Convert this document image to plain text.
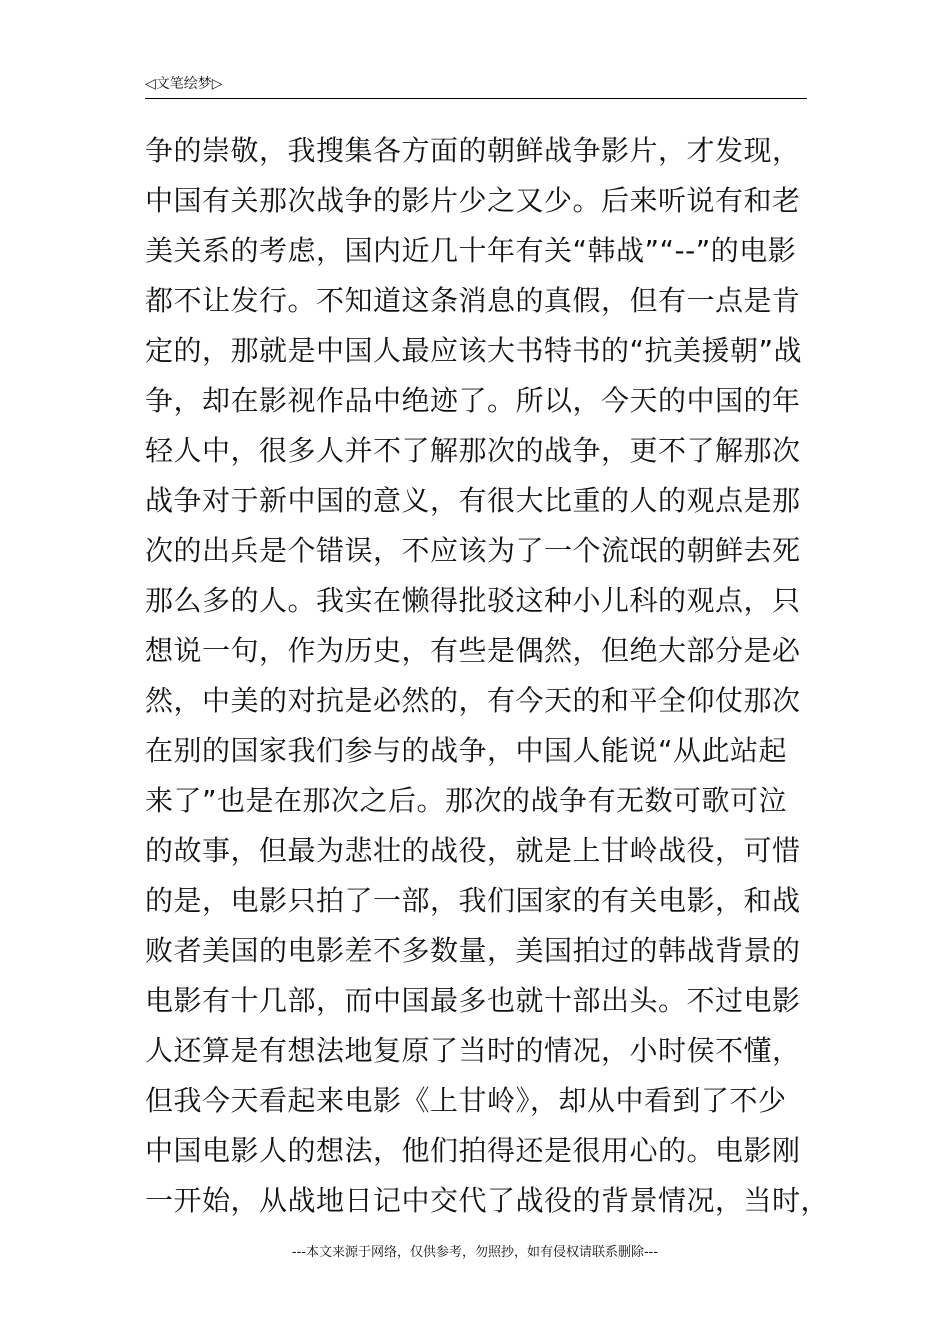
◁文笔绘梦▷
争的崇敬，我搜集各方面的朝鲜战争影片，才发现，
中国有关那次战争的影片少之又少。后来听说有和老
美关系的考虑，国内近几十年有关“韩战”“--”的电影
都不让发行。不知道这条消息的真假，但有一点是肯
定的，那就是中国人最应该大书特书的“抗美援朝”战
争，却在影视作品中绝迹了。所以，今天的中国的年
轻人中，很多人并不了解那次的战争，更不了解那次
战争对于新中国的意义，有很大比重的人的观点是那
次的出兵是个错误，不应该为了一个流氓的朝鲜去死
那么多的人。我实在懒得批驳这种小儿科的观点，只
想说一句，作为历史，有些是偶然，但绝大部分是必
然，中美的对抗是必然的，有今天的和平全仰仗那次
在别的国家我们参与的战争，中国人能说“从此站起
来了”也是在那次之后。那次的战争有无数可歌可泣
的故事，但最为悲壮的战役，就是上甘岭战役，可惜
的是，电影只拍了一部，我们国家的有关电影，和战
败者美国的电影差不多数量，美国拍过的韩战背景的
电影有十几部，而中国最多也就十部出头。不过电影
人还算是有想法地复原了当时的情况，小时侯不懂，
但我今天看起来电影《上甘岭》，却从中看到了不少
中国电影人的想法，他们拍得还是很用心的。电影刚
一开始，从战地日记中交代了战役的背景情况，当时，
---本文来源于网络，仅供参考，勿照抄，如有侵权请联系删除---
